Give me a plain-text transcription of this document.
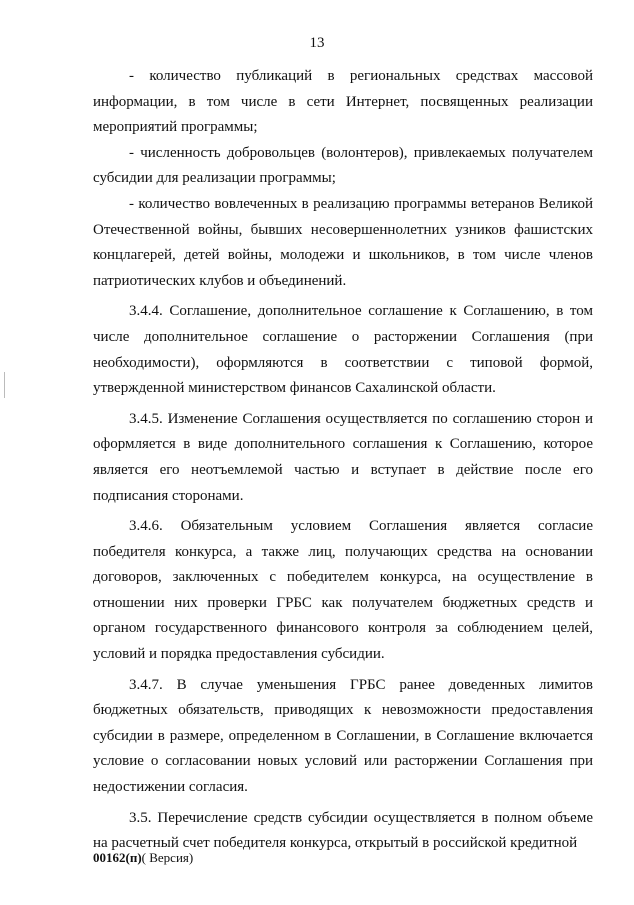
13

- количество публикаций в региональных средствах массовой информации, в том числе в сети Интернет, посвященных реализации мероприятий программы;

- численность добровольцев (волонтеров), привлекаемых получателем субсидии для реализации программы;

- количество вовлеченных в реализацию программы ветеранов Великой Отечественной войны, бывших несовершеннолетних узников фашистских концлагерей, детей войны, молодежи и школьников, в том числе членов патриотических клубов и объединений.

3.4.4. Соглашение, дополнительное соглашение к Соглашению, в том числе дополнительное соглашение о расторжении Соглашения (при необходимости), оформляются в соответствии с типовой формой, утвержденной министерством финансов Сахалинской области.

3.4.5. Изменение Соглашения осуществляется по соглашению сторон и оформляется в виде дополнительного соглашения к Соглашению, которое является его неотъемлемой частью и вступает в действие после его подписания сторонами.

3.4.6. Обязательным условием Соглашения является согласие победителя конкурса, а также лиц, получающих средства на основании договоров, заключенных с победителем конкурса, на осуществление в отношении них проверки ГРБС как получателем бюджетных средств и органом государственного финансового контроля за соблюдением целей, условий и порядка предоставления субсидии.

3.4.7. В случае уменьшения ГРБС ранее доведенных лимитов бюджетных обязательств, приводящих к невозможности предоставления субсидии в размере, определенном в Соглашении, в Соглашение включается условие о согласовании новых условий или расторжении Соглашения при недостижении согласия.

3.5. Перечисление средств субсидии осуществляется в полном объеме на расчетный счет победителя конкурса, открытый в российской кредитной

00162(п)( Версия)
